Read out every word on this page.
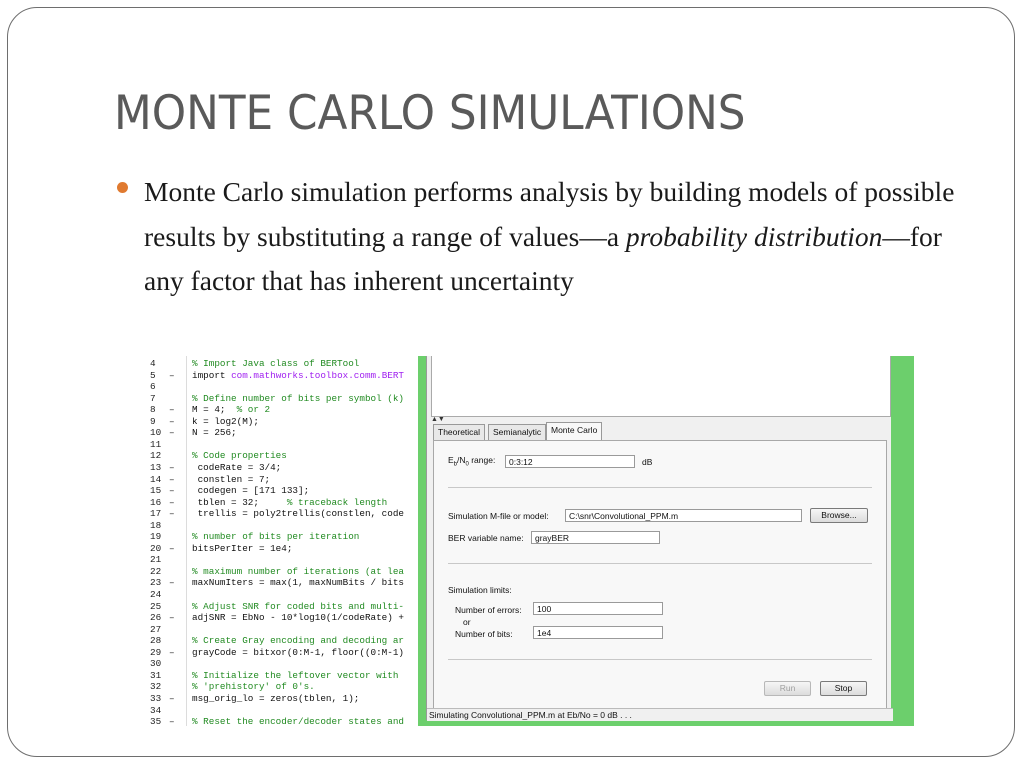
MONTE CARLO SIMULATIONS
Monte Carlo simulation performs analysis by building models of possible results by substituting a range of values—a probability distribution—for any factor that has inherent uncertainty
4
5	–
6
7
8	–
9	–
10 –
11
12
13 –
14 –
15 –
16 –
17 –
18
19
20 –
21
22
23 –
24
25
26 –
27
28
29 –
30
31
32
33 –
34
35 –
% Import Java class of BERTool
import com.mathworks.toolbox.comm.BERT
% Define number of bits per symbol (k)
M = 4;  % or 2
k = log2(M);
N = 256;
% Code properties
codeRate = 3/4;
constlen = 7;
codegen = [171 133];
tblen = 32;     % traceback length
trellis = poly2trellis(constlen, code
% number of bits per iteration
bitsPerIter = 1e4;
% maximum number of iterations (at lea
maxNumIters = max(1, maxNumBits / bits
% Adjust SNR for coded bits and multi-
adjSNR = EbNo - 10*log10(1/codeRate) +
% Create Gray encoding and decoding ar
grayCode = bitxor(0:M-1, floor((0:M-1)
% Initialize the leftover vector with
% 'prehistory' of 0's.
msg_orig_lo = zeros(tblen, 1);
% Reset the encoder/decoder states and
▲▼
Theoretical	Semianalytic	Monte Carlo
$E_b/N_0$ range:	0:3:12	dB
Simulation M-file or model:	C:\snr\Convolutional_PPM.m	Browse...
BER variable name:	grayBER
Simulation limits:
Number of errors:	100
or
Number of bits:	1e4
Run	Stop
Simulating Convolutional_PPM.m at Eb/No = 0 dB . . .
